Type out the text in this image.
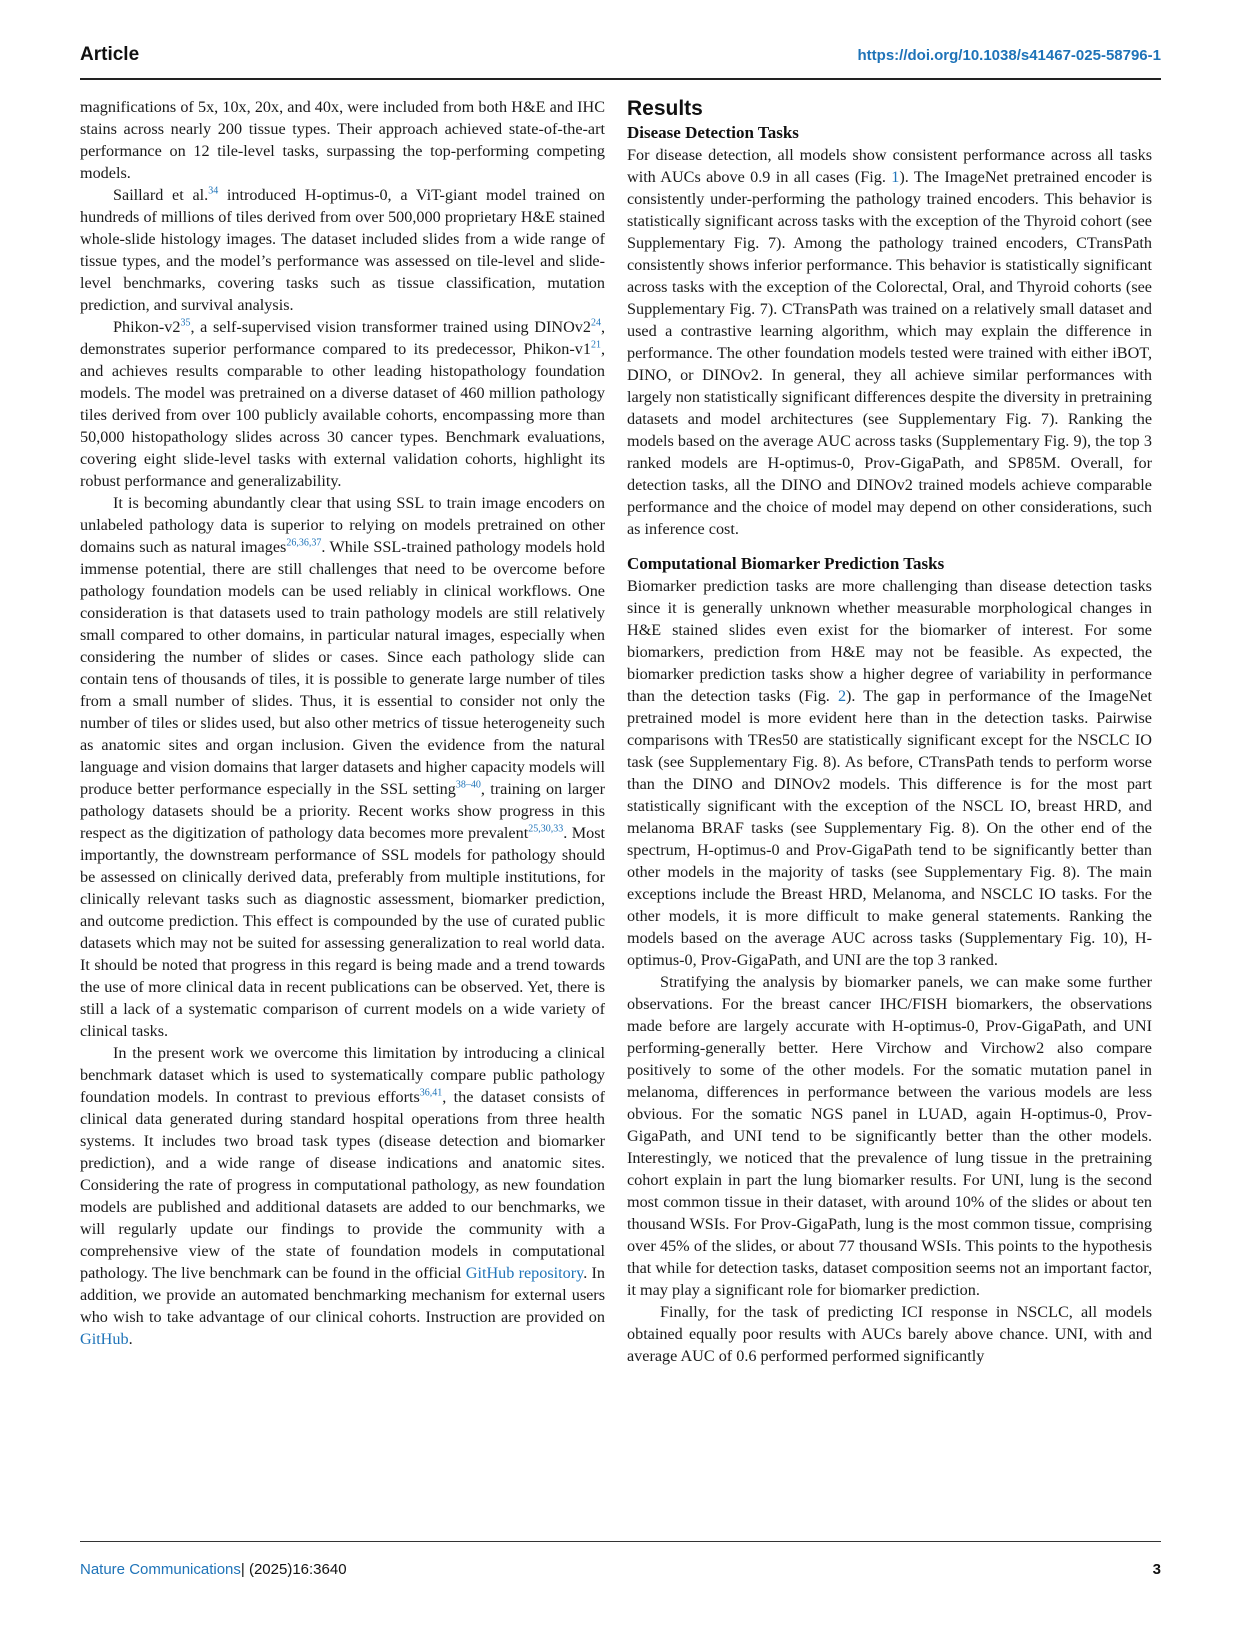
Article	https://doi.org/10.1038/s41467-025-58796-1

magnifications of 5x, 10x, 20x, and 40x, were included from both H&E and IHC stains across nearly 200 tissue types. Their approach achieved state-of-the-art performance on 12 tile-level tasks, surpassing the top-performing competing models.

Saillard et al.$^{34}$ introduced H-optimus-0, a ViT-giant model trained on hundreds of millions of tiles derived from over 500,000 proprietary H&E stained whole-slide histology images. The dataset included slides from a wide range of tissue types, and the model’s performance was assessed on tile-level and slide-level benchmarks, covering tasks such as tissue classification, mutation prediction, and survival analysis.

Phikon-$v2^{35}$, a self-supervised vision transformer trained using $DINOv2^{24}$, demonstrates superior performance compared to its predecessor, Phikon-$v1^{21}$, and achieves results comparable to other leading histopathology foundation models. The model was pretrained on a diverse dataset of 460 million pathology tiles derived from over 100 publicly available cohorts, encompassing more than 50,000 histopathology slides across 30 cancer types. Benchmark evaluations, covering eight slide-level tasks with external validation cohorts, highlight its robust performance and generalizability.

It is becoming abundantly clear that using SSL to train image encoders on unlabeled pathology data is superior to relying on models pretrained on other domains such as natural images$^{26,36,37}$. While SSL-trained pathology models hold immense potential, there are still challenges that need to be overcome before pathology foundation models can be used reliably in clinical workflows. One consideration is that datasets used to train pathology models are still relatively small compared to other domains, in particular natural images, especially when considering the number of slides or cases. Since each pathology slide can contain tens of thousands of tiles, it is possible to generate large number of tiles from a small number of slides. Thus, it is essential to consider not only the number of tiles or slides used, but also other metrics of tissue heterogeneity such as anatomic sites and organ inclusion. Given the evidence from the natural language and vision domains that larger datasets and higher capacity models will produce better performance especially in the SSL setting$^{38-40}$, training on larger pathology datasets should be a priority. Recent works show progress in this respect as the digitization of pathology data becomes more prevalent$^{25,30,33}$. Most importantly, the downstream performance of SSL models for pathology should be assessed on clinically derived data, preferably from multiple institutions, for clinically relevant tasks such as diagnostic assessment, biomarker prediction, and outcome prediction. This effect is compounded by the use of curated public datasets which may not be suited for assessing generalization to real world data. It should be noted that progress in this regard is being made and a trend towards the use of more clinical data in recent publications can be observed. Yet, there is still a lack of a systematic comparison of current models on a wide variety of clinical tasks.

In the present work we overcome this limitation by introducing a clinical benchmark dataset which is used to systematically compare public pathology foundation models. In contrast to previous efforts$^{36,41}$, the dataset consists of clinical data generated during standard hospital operations from three health systems. It includes two broad task types (disease detection and biomarker prediction), and a wide range of disease indications and anatomic sites. Considering the rate of progress in computational pathology, as new foundation models are published and additional datasets are added to our benchmarks, we will regularly update our findings to provide the community with a comprehensive view of the state of foundation models in computational pathology. The live benchmark can be found in the official GitHub repository. In addition, we provide an automated benchmarking mechanism for external users who wish to take advantage of our clinical cohorts. Instruction are provided on GitHub.

Results
Disease Detection Tasks

For disease detection, all models show consistent performance across all tasks with AUCs above 0.9 in all cases (Fig. 1). The ImageNet pretrained encoder is consistently under-performing the pathology trained encoders. This behavior is statistically significant across tasks with the exception of the Thyroid cohort (see Supplementary Fig. 7). Among the pathology trained encoders, CTransPath consistently shows inferior performance. This behavior is statistically significant across tasks with the exception of the Colorectal, Oral, and Thyroid cohorts (see Supplementary Fig. 7). CTransPath was trained on a relatively small dataset and used a contrastive learning algorithm, which may explain the difference in performance. The other foundation models tested were trained with either iBOT, DINO, or DINOv2. In general, they all achieve similar performances with largely non statistically significant differences despite the diversity in pretraining datasets and model architectures (see Supplementary Fig. 7). Ranking the models based on the average AUC across tasks (Supplementary Fig. 9), the top 3 ranked models are H-optimus-0, Prov-GigaPath, and SP85M. Overall, for detection tasks, all the DINO and DINOv2 trained models achieve comparable performance and the choice of model may depend on other considerations, such as inference cost.

Computational Biomarker Prediction Tasks

Biomarker prediction tasks are more challenging than disease detection tasks since it is generally unknown whether measurable morphological changes in H&E stained slides even exist for the biomarker of interest. For some biomarkers, prediction from H&E may not be feasible. As expected, the biomarker prediction tasks show a higher degree of variability in performance than the detection tasks (Fig. 2). The gap in performance of the ImageNet pretrained model is more evident here than in the detection tasks. Pairwise comparisons with TRes50 are statistically significant except for the NSCLC IO task (see Supplementary Fig. 8). As before, CTransPath tends to perform worse than the DINO and DINOv2 models. This difference is for the most part statistically significant with the exception of the NSCL IO, breast HRD, and melanoma BRAF tasks (see Supplementary Fig. 8). On the other end of the spectrum, H-optimus-0 and Prov-GigaPath tend to be significantly better than other models in the majority of tasks (see Supplementary Fig. 8). The main exceptions include the Breast HRD, Melanoma, and NSCLC IO tasks. For the other models, it is more difficult to make general statements. Ranking the models based on the average AUC across tasks (Supplementary Fig. 10), H-optimus-0, Prov-GigaPath, and UNI are the top 3 ranked.

Stratifying the analysis by biomarker panels, we can make some further observations. For the breast cancer IHC/FISH biomarkers, the observations made before are largely accurate with H-optimus-0, Prov-GigaPath, and UNI performing-generally better. Here Virchow and Virchow2 also compare positively to some of the other models. For the somatic mutation panel in melanoma, differences in performance between the various models are less obvious. For the somatic NGS panel in LUAD, again H-optimus-0, Prov-GigaPath, and UNI tend to be significantly better than the other models. Interestingly, we noticed that the prevalence of lung tissue in the pretraining cohort explain in part the lung biomarker results. For UNI, lung is the second most common tissue in their dataset, with around 10% of the slides or about ten thousand WSIs. For Prov-GigaPath, lung is the most common tissue, comprising over 45% of the slides, or about 77 thousand WSIs. This points to the hypothesis that while for detection tasks, dataset composition seems not an important factor, it may play a significant role for biomarker prediction.

Finally, for the task of predicting ICI response in NSCLC, all models obtained equally poor results with AUCs barely above chance. UNI, with and average AUC of 0.6 performed performed significantly

Nature Communications| (2025)16:3640	3
